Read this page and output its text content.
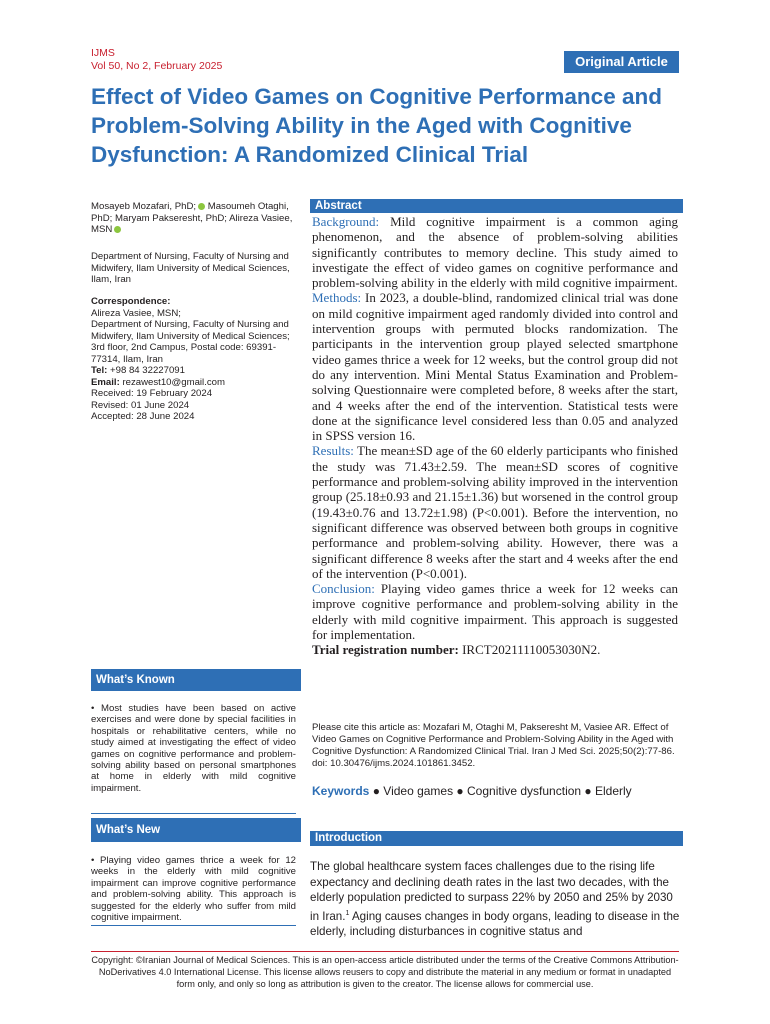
IJMS
Vol 50, No 2, February 2025	Original Article
Effect of Video Games on Cognitive Performance and Problem-Solving Ability in the Aged with Cognitive Dysfunction: A Randomized Clinical Trial
Mosayeb Mozafari, PhD; Masoumeh Otaghi, PhD; Maryam Pakseresht, PhD; Alireza Vasiee, MSN
Department of Nursing, Faculty of Nursing and Midwifery, Ilam University of Medical Sciences, Ilam, Iran
Correspondence:
Alireza Vasiee, MSN;
Department of Nursing, Faculty of Nursing and Midwifery, Ilam University of Medical Sciences; 3rd floor, 2nd Campus, Postal code: 69391-77314, Ilam, Iran
Tel: +98 84 32227091
Email: rezawest10@gmail.com
Received: 19 February 2024
Revised: 01 June 2024
Accepted: 28 June 2024
Abstract

Background: Mild cognitive impairment is a common aging phenomenon, and the absence of problem-solving abilities significantly contributes to memory decline. This study aimed to investigate the effect of video games on cognitive performance and problem-solving ability in the elderly with mild cognitive impairment.

Methods: In 2023, a double-blind, randomized clinical trial was done on mild cognitive impairment aged randomly divided into control and intervention groups with permuted blocks randomization. The participants in the intervention group played selected smartphone video games thrice a week for 12 weeks, but the control group did not do any intervention. Mini Mental Status Examination and Problem-solving Questionnaire were completed before, 8 weeks after the start, and 4 weeks after the end of the intervention. Statistical tests were done at the significance level considered less than 0.05 and analyzed in SPSS version 16.

Results: The mean±SD age of the 60 elderly participants who finished the study was 71.43±2.59. The mean±SD scores of cognitive performance and problem-solving ability improved in the intervention group (25.18±0.93 and 21.15±1.36) but worsened in the control group (19.43±0.76 and 13.72±1.98) (P<0.001). Before the intervention, no significant difference was observed between both groups in cognitive performance and problem-solving ability. However, there was a significant difference 8 weeks after the start and 4 weeks after the end of the intervention (P<0.001).

Conclusion: Playing video games thrice a week for 12 weeks can improve cognitive performance and problem-solving ability in the elderly with mild cognitive impairment. This approach is suggested for implementation.

Trial registration number: IRCT20211110053030N2.

Please cite this article as: Mozafari M, Otaghi M, Pakseresht M, Vasiee AR. Effect of Video Games on Cognitive Performance and Problem-Solving Ability in the Aged with Cognitive Dysfunction: A Randomized Clinical Trial. Iran J Med Sci. 2025;50(2):77-86. doi: 10.30476/ijms.2024.101861.3452.
Keywords ● Video games ● Cognitive dysfunction ● Elderly
What’s Known

• Most studies have been based on active exercises and were done by special facilities in hospitals or rehabilitative centers, while no study aimed at investigating the effect of video games on cognitive performance and problem-solving ability based on personal smartphones at home in elderly with mild cognitive impairment.

What’s New

• Playing video games thrice a week for 12 weeks in the elderly with mild cognitive impairment can improve cognitive performance and problem-solving ability. This approach is suggested for the elderly who suffer from mild cognitive impairment.

Introduction
The global healthcare system faces challenges due to the rising life expectancy and declining death rates in the last two decades, with the elderly population predicted to surpass 22% by 2050 and 25% by 2030 in Iran.$^1$ Aging causes changes in body organs, leading to disease in the elderly, including disturbances in cognitive status and
Copyright: ©Iranian Journal of Medical Sciences. This is an open-access article distributed under the terms of the Creative Commons Attribution-NoDerivatives 4.0 International License. This license allows reusers to copy and distribute the material in any medium or format in unadapted form only, and only so long as attribution is given to the creator. The license allows for commercial use.
